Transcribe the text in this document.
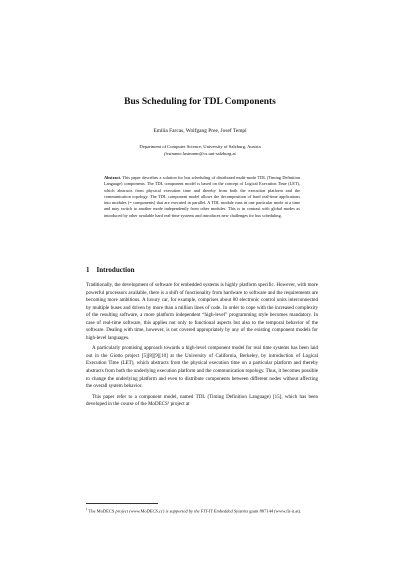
Bus Scheduling for TDL Components
Emilia Farcas, Wolfgang Pree, Josef Templ
Department of Computer Science, University of Salzburg, Austria
firstname.lastname@cs.uni-salzburg.at
Abstract. This paper describes a solution for bus scheduling of distributed multi-mode TDL (Timing Definition Language) components. The TDL component model is based on the concept of Logical Execution Time (LET), which abstracts from physical execution time and thereby from both the execution platform and the communication topology. The TDL component model allows the decomposition of hard real-time applications into modules (= components) that are executed in parallel. A TDL module runs in one particular mode at a time and may switch to another mode independently from other modules. This is in contrast with global modes as introduced by other available hard real-time systems and introduces new challenges for bus scheduling.
1 Introduction

Traditionally, the development of software for embedded systems is highly platform specific. However, with more powerful processors available, there is a shift of functionality from hardware to software and the requirements are becoming more ambitious. A luxury car, for example, comprises about 80 electronic control units interconnected by multiple buses and driven by more than a million lines of code. In order to cope with the increased complexity of the resulting software, a more platform independent “high-level” programming style becomes mandatory. In case of real-time software, this applies not only to functional aspects but also to the temporal behavior of the software. Dealing with time, however, is not covered appropriately by any of the existing component models for high-level languages.

A particularly promising approach towards a high-level component model for real time systems has been laid out in the Giotto project [5][8][9][10] at the University of California, Berkeley, by introduction of Logical Execution Time (LET), which abstracts from the physical execution time on a particular platform and thereby abstracts from both the underlying execution platform and the communication topology. Thus, it becomes possible to change the underlying platform and even to distribute components between different nodes without affecting the overall system behavior.

This paper refer to a component model, named TDL (Timing Definition Language) [15], which has been developed in the course of the MoDECS¹ project at

$^1$ The MoDECS project (www.MoDECS.cc) is supported by the FIT-IT Embedded Systems grant 807144 (www.fit-it.at).
